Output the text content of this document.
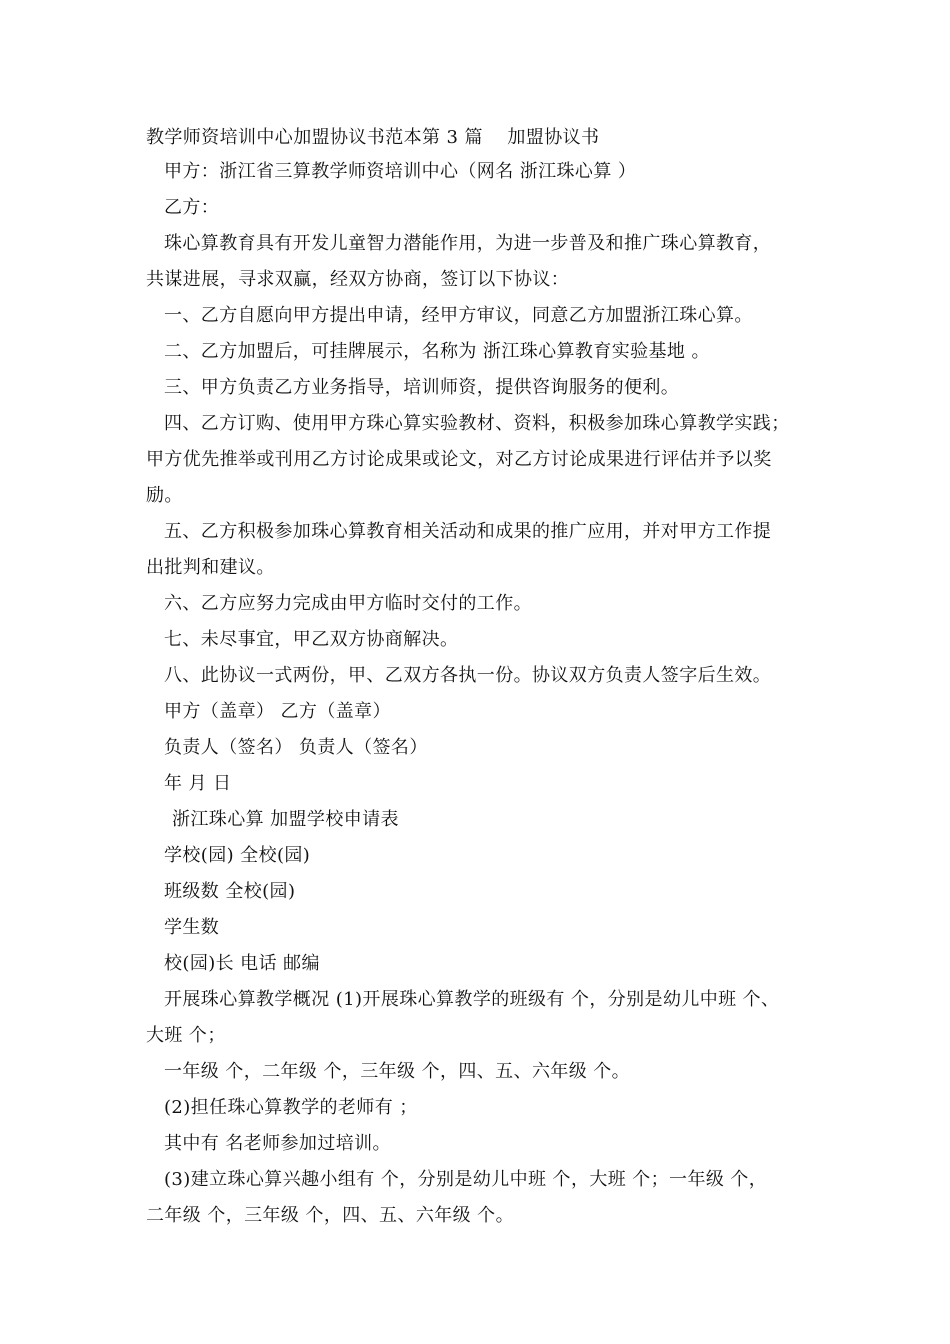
教学师资培训中心加盟协议书范本第 3 篇　 加盟协议书
甲方：浙江省三算教学师资培训中心（网名 浙江珠心算 ）
乙方：
珠心算教育具有开发儿童智力潜能作用，为进一步普及和推广珠心算教育，
共谋进展，寻求双赢，经双方协商，签订以下协议：
一、乙方自愿向甲方提出申请，经甲方审议，同意乙方加盟浙江珠心算。
二、乙方加盟后，可挂牌展示，名称为 浙江珠心算教育实验基地 。
三、甲方负责乙方业务指导，培训师资，提供咨询服务的便利。
四、乙方订购、使用甲方珠心算实验教材、资料，积极参加珠心算教学实践；
甲方优先推举或刊用乙方讨论成果或论文，对乙方讨论成果进行评估并予以奖
励。
五、乙方积极参加珠心算教育相关活动和成果的推广应用，并对甲方工作提
出批判和建议。
六、乙方应努力完成由甲方临时交付的工作。
七、未尽事宜，甲乙双方协商解决。
八、此协议一式两份，甲、乙双方各执一份。协议双方负责人签字后生效。
甲方（盖章） 乙方（盖章）
负责人（签名） 负责人（签名）
年 月 日
浙江珠心算 加盟学校申请表
学校(园) 全校(园)
班级数 全校(园)
学生数
校(园)长 电话 邮编
开展珠心算教学概况 (1)开展珠心算教学的班级有 个，分别是幼儿中班 个、
大班 个；
一年级 个，二年级 个，三年级 个，四、五、六年级 个。
(2)担任珠心算教学的老师有 ；
其中有 名老师参加过培训。
(3)建立珠心算兴趣小组有 个，分别是幼儿中班 个，大班 个；一年级 个，
二年级 个，三年级 个，四、五、六年级 个。
